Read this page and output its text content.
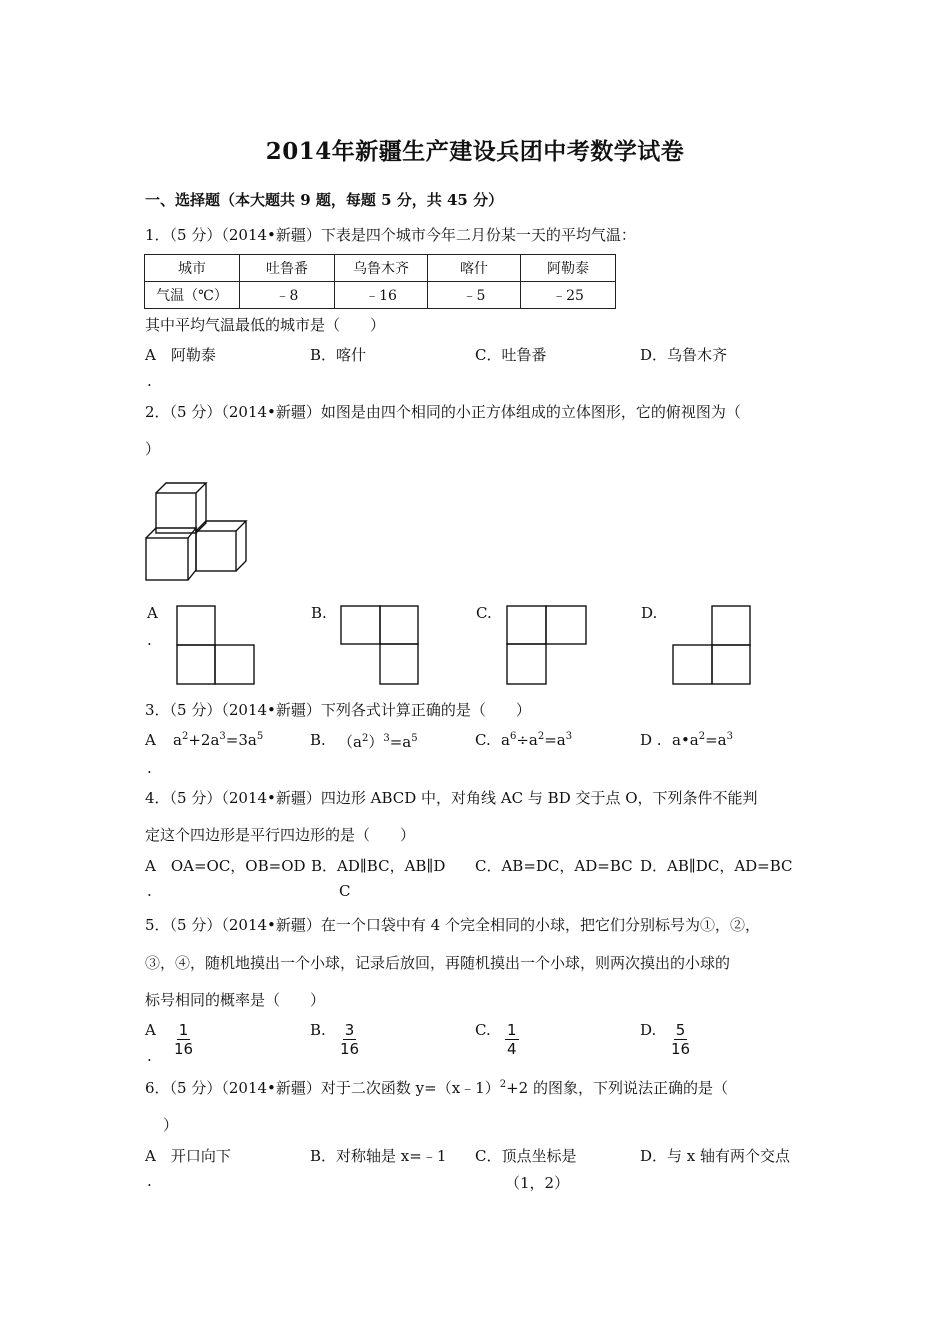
2014年新疆生产建设兵团中考数学试卷
一、选择题（本大题共 9 题，每题 5 分，共 45 分）
1．（5 分）（2014•新疆）下表是四个城市今年二月份某一天的平均气温：
城市	吐鲁番	乌鲁木齐	喀什	阿勒泰
气温（℃）	﹣8	﹣16	﹣5	﹣25
其中平均气温最低的城市是（　　）
A　阿勒泰	B．喀什	C．吐鲁番	D．乌鲁木齐
.
2．（5 分）（2014•新疆）如图是由四个相同的小正方体组成的立体图形，它的俯视图为（
）
A
.
B.	C.	D.
3．（5 分）（2014•新疆）下列各式计算正确的是（　　）
A $a^2+2a^3=3a^5$	B. $(a^2)^3=a^5$	C. $a^6\div a^2=a^3$	D . $a•a^2=a^3$
.
4．（5 分）（2014•新疆）四边形 ABCD 中，对角线 AC 与 BD 交于点 O，下列条件不能判
定这个四边形是平行四边形的是（　　）
A　OA=OC，OB=OD B．AD∥BC，AB∥D
C
C．AB=DC，AD=BC D．AB∥DC，AD=BC
.
5．（5 分）（2014•新疆）在一个口袋中有 4 个完全相同的小球，把它们分别标号为①，②，
③，④，随机地摸出一个小球，记录后放回，再随机摸出一个小球，则两次摸出的小球的
标号相同的概率是（　　）
A $\frac{1}{16}$	B. $\frac{3}{16}$	C. $\frac{1}{4}$	D. $\frac{5}{16}$
.
6．（5 分）（2014•新疆）对于二次函数 y=（x﹣1）$^2$+2 的图象，下列说法正确的是（
）
A　开口向下	B．对称轴是 x=﹣1 C．顶点坐标是
（1，2）
D．与 x 轴有两个交点
.
